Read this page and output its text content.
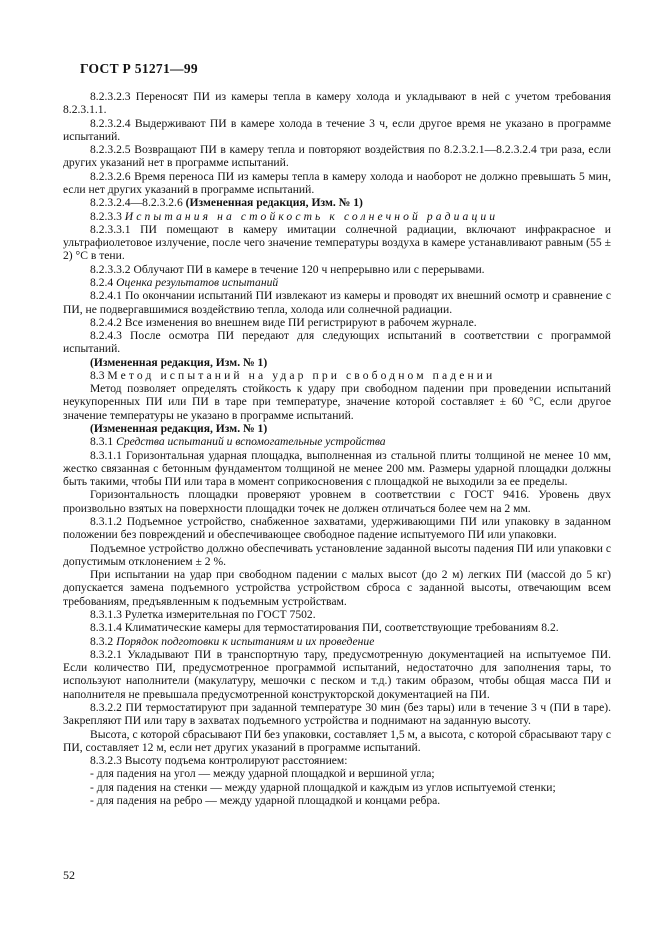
ГОСТ Р 51271—99

8.2.3.2.3 Переносят ПИ из камеры тепла в камеру холода и укладывают в ней с учетом требования 8.2.3.1.1.

8.2.3.2.4 Выдерживают ПИ в камере холода в течение 3 ч, если другое время не указано в программе испытаний.

8.2.3.2.5 Возвращают ПИ в камеру тепла и повторяют воздействия по 8.2.3.2.1—8.2.3.2.4 три раза, если других указаний нет в программе испытаний.

8.2.3.2.6 Время переноса ПИ из камеры тепла в камеру холода и наоборот не должно превышать 5 мин, если нет других указаний в программе испытаний.

8.2.3.2.4—8.2.3.2.6 (Измененная редакция, Изм. № 1)

8.2.3.3 Испытания на стойкость к солнечной радиации

8.2.3.3.1 ПИ помещают в камеру имитации солнечной радиации, включают инфракрасное и ультрафиолетовое излучение, после чего значение температуры воздуха в камере устанавливают равным (55 ± 2) °С в тени.

8.2.3.3.2 Облучают ПИ в камере в течение 120 ч непрерывно или с перерывами.

8.2.4 Оценка результатов испытаний

8.2.4.1 По окончании испытаний ПИ извлекают из камеры и проводят их внешний осмотр и сравнение с ПИ, не подвергавшимися воздействию тепла, холода или солнечной радиации.

8.2.4.2 Все изменения во внешнем виде ПИ регистрируют в рабочем журнале.

8.2.4.3 После осмотра ПИ передают для следующих испытаний в соответствии с программой испытаний.

(Измененная редакция, Изм. № 1)

8.3 Метод испытаний на удар при свободном падении

Метод позволяет определять стойкость к удару при свободном падении при проведении испытаний неукупоренных ПИ или ПИ в таре при температуре, значение которой составляет ± 60 °С, если другое значение температуры не указано в программе испытаний.

(Измененная редакция, Изм. № 1)

8.3.1 Средства испытаний и вспомогательные устройства

8.3.1.1 Горизонтальная ударная площадка, выполненная из стальной плиты толщиной не менее 10 мм, жестко связанная с бетонным фундаментом толщиной не менее 200 мм. Размеры ударной площадки должны быть такими, чтобы ПИ или тара в момент соприкосновения с площадкой не выходили за ее пределы.

Горизонтальность площадки проверяют уровнем в соответствии с ГОСТ 9416. Уровень двух произвольно взятых на поверхности площадки точек не должен отличаться более чем на 2 мм.

8.3.1.2 Подъемное устройство, снабженное захватами, удерживающими ПИ или упаковку в заданном положении без повреждений и обеспечивающее свободное падение испытуемого ПИ или упаковки.

Подъемное устройство должно обеспечивать установление заданной высоты падения ПИ или упаковки с допустимым отклонением ± 2 %.

При испытании на удар при свободном падении с малых высот (до 2 м) легких ПИ (массой до 5 кг) допускается замена подъемного устройства устройством сброса с заданной высоты, отвечающим всем требованиям, предъявленным к подъемным устройствам.

8.3.1.3 Рулетка измерительная по ГОСТ 7502.

8.3.1.4 Климатические камеры для термостатирования ПИ, соответствующие требованиям 8.2.

8.3.2 Порядок подготовки к испытаниям и их проведение

8.3.2.1 Укладывают ПИ в транспортную тару, предусмотренную документацией на испытуемое ПИ. Если количество ПИ, предусмотренное программой испытаний, недостаточно для заполнения тары, то используют наполнители (макулатуру, мешочки с песком и т.д.) таким образом, чтобы общая масса ПИ и наполнителя не превышала предусмотренной конструкторской документацией на ПИ.

8.3.2.2 ПИ термостатируют при заданной температуре 30 мин (без тары) или в течение 3 ч (ПИ в таре). Закрепляют ПИ или тару в захватах подъемного устройства и поднимают на заданную высоту.

Высота, с которой сбрасывают ПИ без упаковки, составляет 1,5 м, а высота, с которой сбрасывают тару с ПИ, составляет 12 м, если нет других указаний в программе испытаний.

8.3.2.3 Высоту подъема контролируют расстоянием:

- для падения на угол — между ударной площадкой и вершиной угла;

- для падения на стенки — между ударной площадкой и каждым из углов испытуемой стенки;

- для падения на ребро — между ударной площадкой и концами ребра.

52
